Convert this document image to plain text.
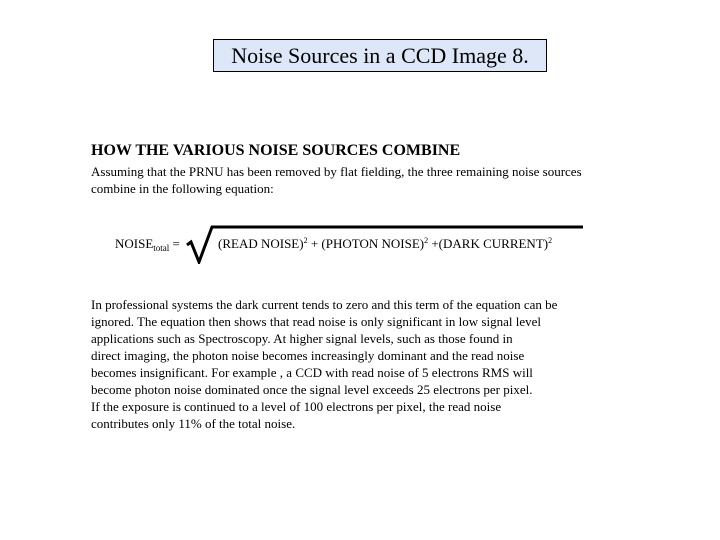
Noise Sources in a CCD Image 8.
HOW THE VARIOUS NOISE SOURCES COMBINE
Assuming that the PRNU has been removed by flat fielding, the three remaining noise sources combine in the following equation:
$NOISE_{total}$ =	(READ NOISE)$^2$ + (PHOTON NOISE)$^2$ +(DARK CURRENT)$^2$
In professional systems the dark current tends to zero and this term of the equation can be
ignored. The equation then shows that read noise is only significant in low signal level
applications such as Spectroscopy. At higher signal levels, such as those found in
direct imaging, the photon noise becomes increasingly dominant and the read noise
becomes insignificant. For example , a CCD with read noise of 5 electrons RMS will
become photon noise dominated once the signal level exceeds 25 electrons per pixel.
If the exposure is continued to a level of 100 electrons per pixel, the read noise
contributes only 11% of the total noise.
